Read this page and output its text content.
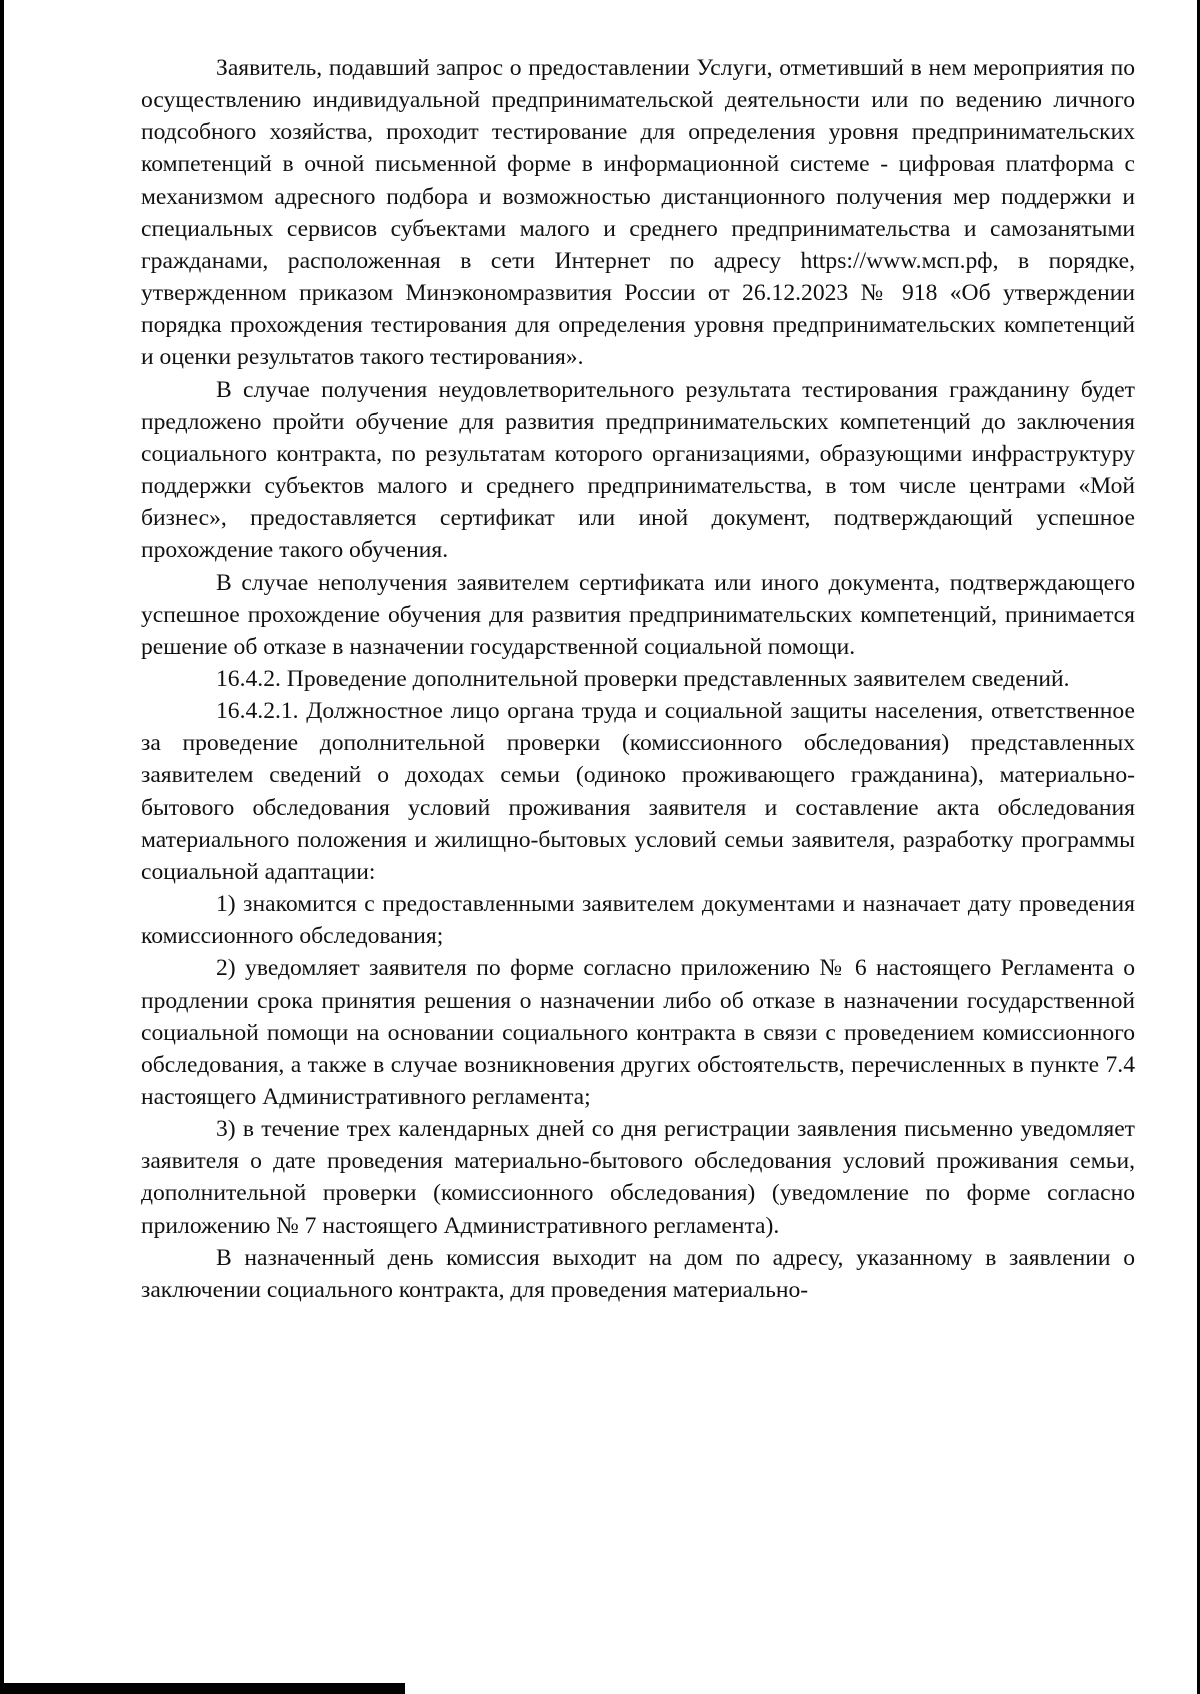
Заявитель, подавший запрос о предоставлении Услуги, отметивший в нем мероприятия по осуществлению индивидуальной предпринимательской деятельности или по ведению личного подсобного хозяйства, проходит тестирование для определения уровня предпринимательских компетенций в очной письменной форме в информационной системе - цифровая платформа с механизмом адресного подбора и возможностью дистанционного получения мер поддержки и специальных сервисов субъектами малого и среднего предпринимательства и самозанятыми гражданами, расположенная в сети Интернет по адресу https://www.мсп.рф, в порядке, утвержденном приказом Минэкономразвития России от 26.12.2023 № 918 «Об утверждении порядка прохождения тестирования для определения уровня предпринимательских компетенций и оценки результатов такого тестирования».

В случае получения неудовлетворительного результата тестирования гражданину будет предложено пройти обучение для развития предпринимательских компетенций до заключения социального контракта, по результатам которого организациями, образующими инфраструктуру поддержки субъектов малого и среднего предпринимательства, в том числе центрами «Мой бизнес», предоставляется сертификат или иной документ, подтверждающий успешное прохождение такого обучения.

В случае неполучения заявителем сертификата или иного документа, подтверждающего успешное прохождение обучения для развития предпринимательских компетенций, принимается решение об отказе в назначении государственной социальной помощи.

16.4.2. Проведение дополнительной проверки представленных заявителем сведений.

16.4.2.1. Должностное лицо органа труда и социальной защиты населения, ответственное за проведение дополнительной проверки (комиссионного обследования) представленных заявителем сведений о доходах семьи (одиноко проживающего гражданина), материально-бытового обследования условий проживания заявителя и составление акта обследования материального положения и жилищно-бытовых условий семьи заявителя, разработку программы социальной адаптации:

1) знакомится с предоставленными заявителем документами и назначает дату проведения комиссионного обследования;

2) уведомляет заявителя по форме согласно приложению № 6 настоящего Регламента о продлении срока принятия решения о назначении либо об отказе в назначении государственной социальной помощи на основании социального контракта в связи с проведением комиссионного обследования, а также в случае возникновения других обстоятельств, перечисленных в пункте 7.4 настоящего Административного регламента;

3) в течение трех календарных дней со дня регистрации заявления письменно уведомляет заявителя о дате проведения материально-бытового обследования условий проживания семьи, дополнительной проверки (комиссионного обследования) (уведомление по форме согласно приложению № 7 настоящего Административного регламента).

В назначенный день комиссия выходит на дом по адресу, указанному в заявлении о заключении социального контракта, для проведения материально-
